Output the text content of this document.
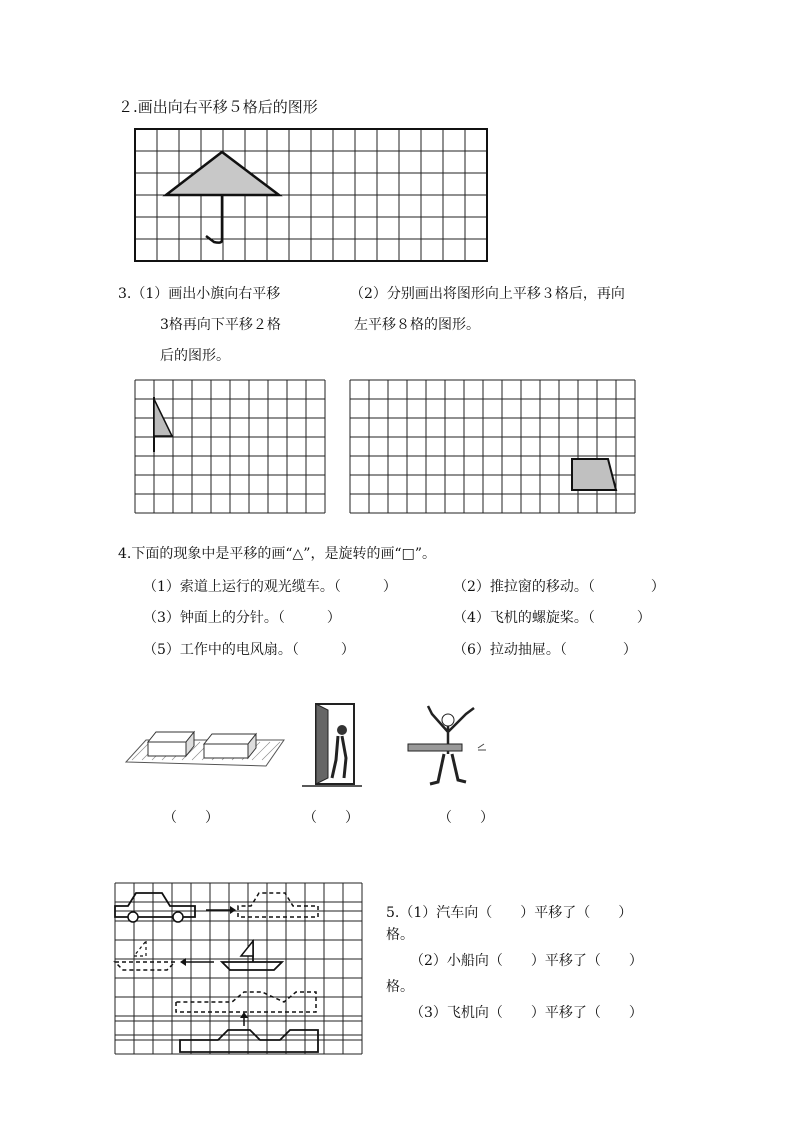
２.画出向右平移５格后的图形
3.（1）画出小旗向右平移
3格再向下平移２格
后的图形。
（2）分别画出将图形向上平移３格后，再向
左平移８格的图形。
4.下面的现象中是平移的画“△”，是旋转的画“□”。
（1）索道上运行的观光缆车。（　　　）	（2）推拉窗的移动。（　　　　）
（3）钟面上的分针。（　　　）	（4）飞机的螺旋桨。（　　　）
（5）工作中的电风扇。（　　　）	（6）拉动抽屉。（　　　　）
（　　）	（　　）	（　　）
5.（1）汽车向（　　）平移了（　　）
格。
（2）小船向（　　）平移了（　　）
格。
（3）飞机向（　　）平移了（　　）
